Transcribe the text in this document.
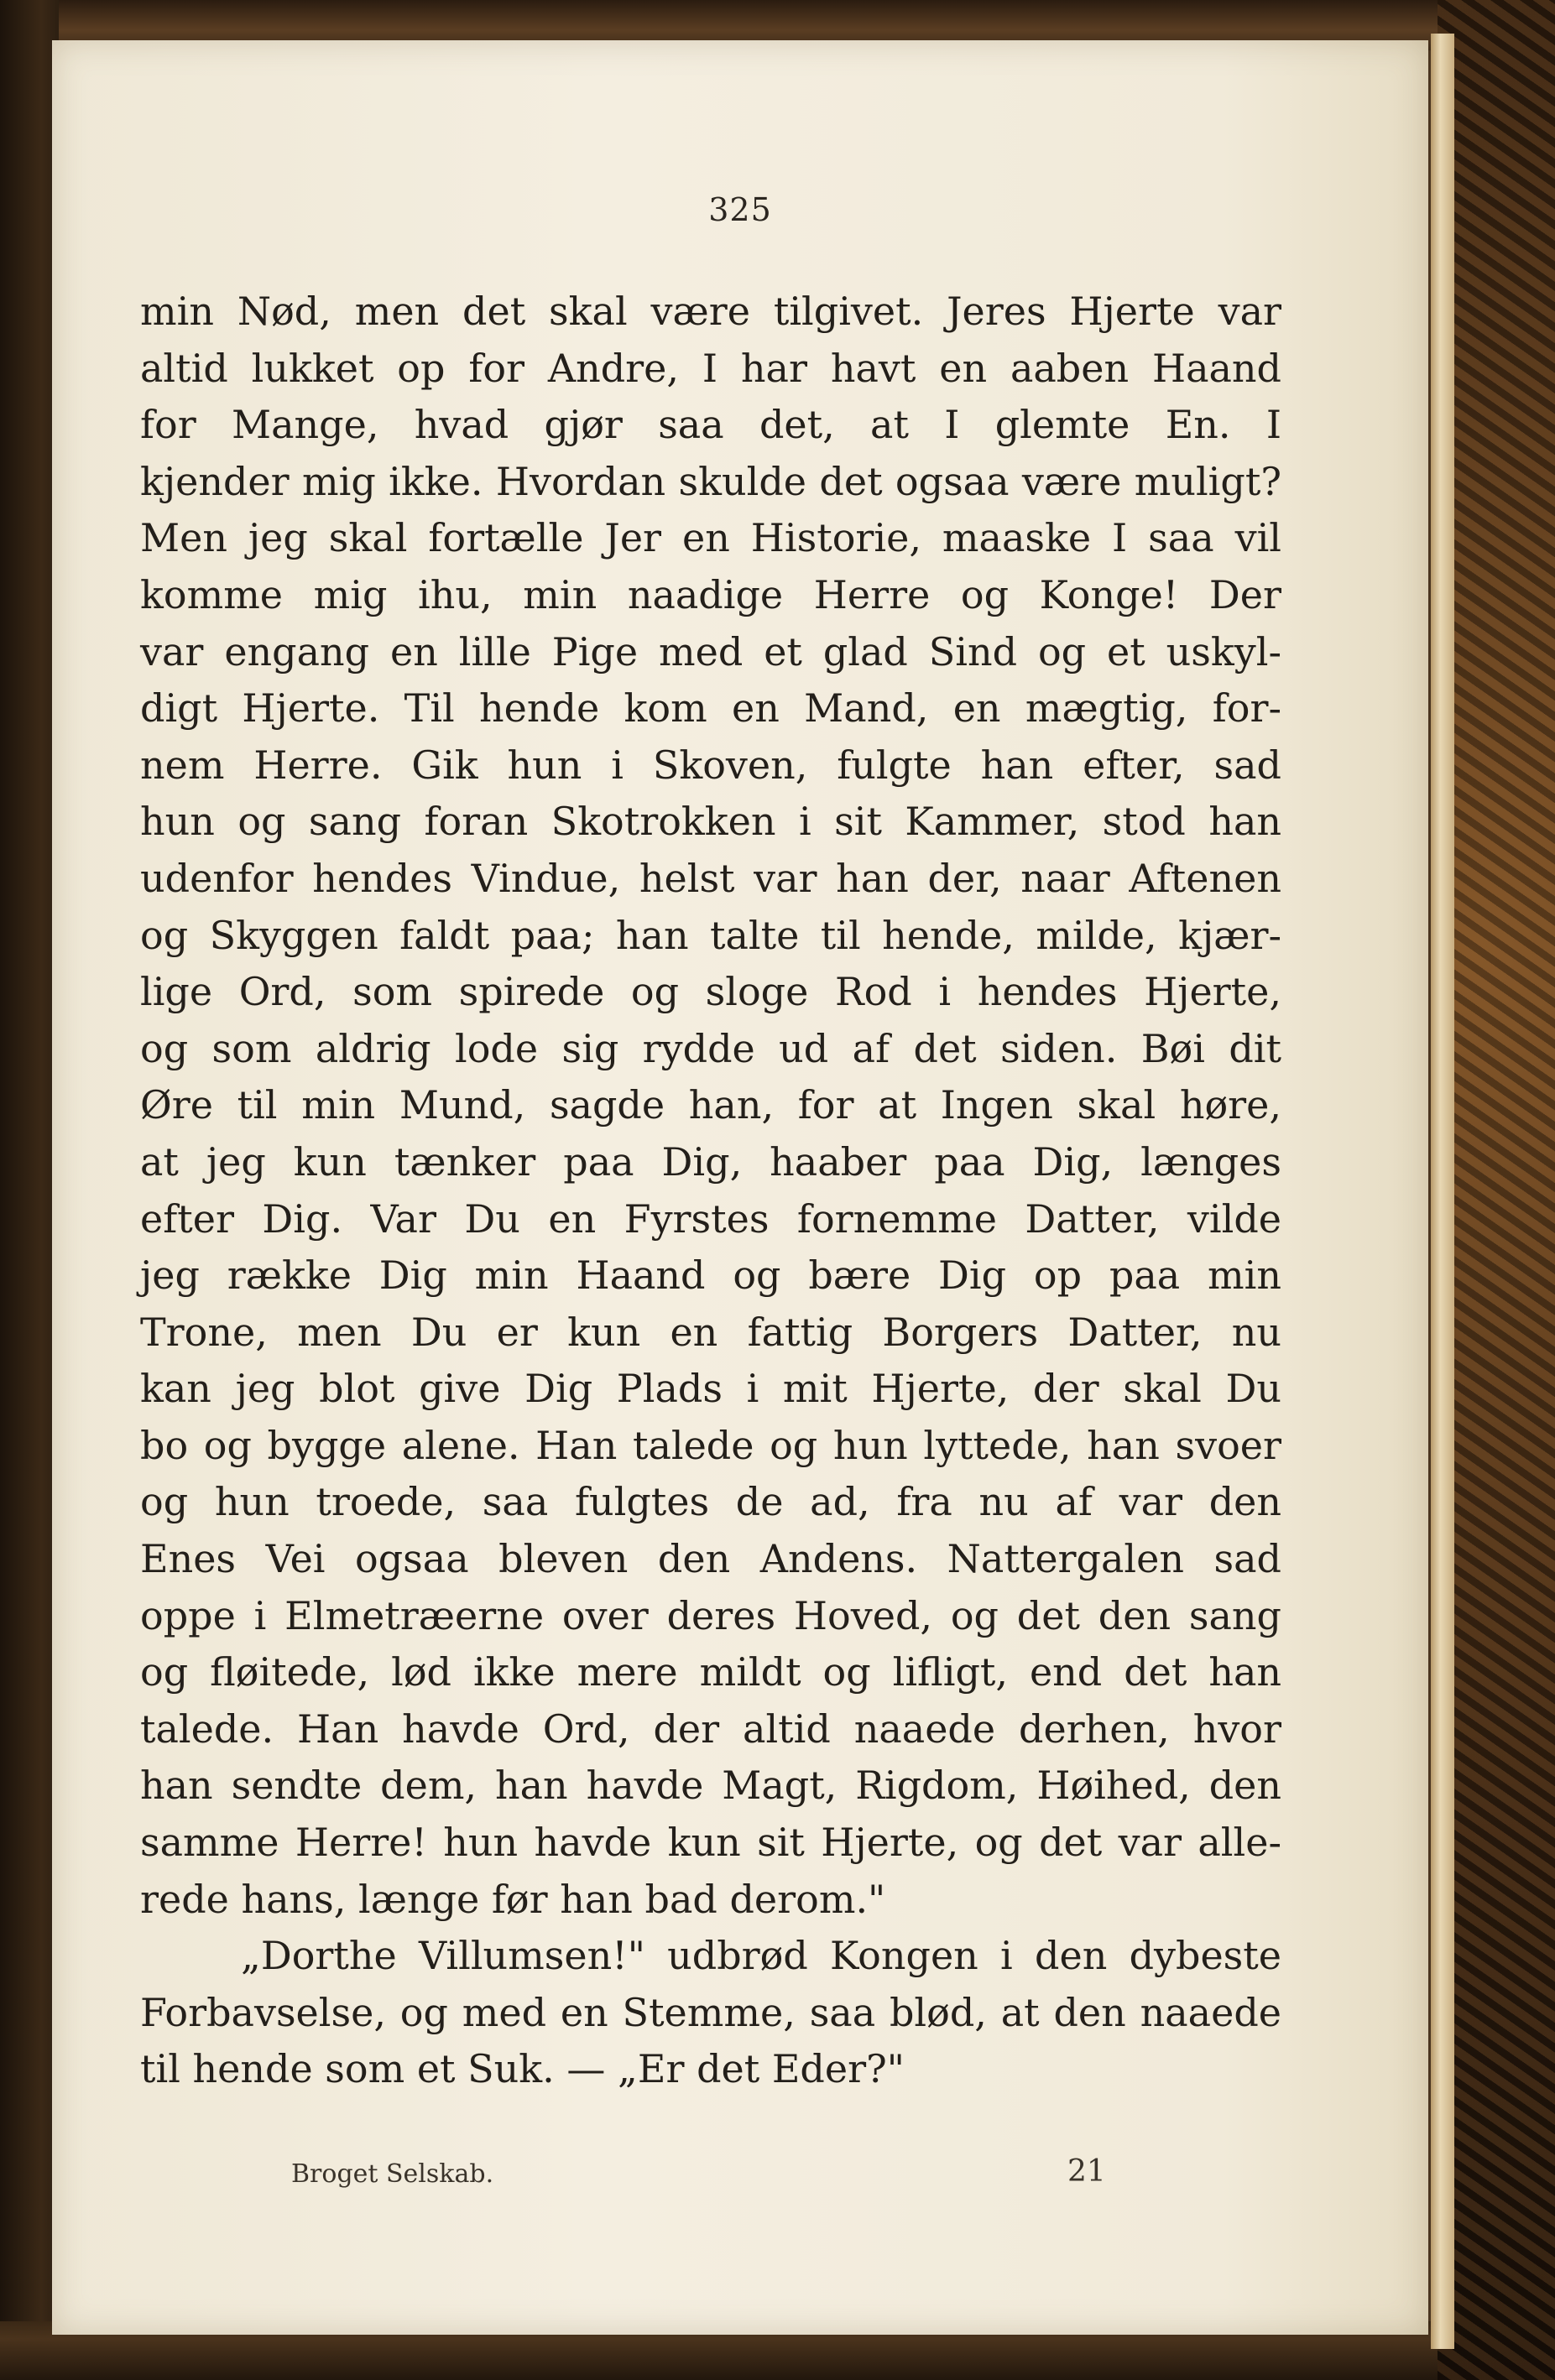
325
min Nød, men det skal være tilgivet. Jeres Hjerte var
altid lukket op for Andre, I har havt en aaben Haand
for Mange, hvad gjør saa det, at I glemte En. I
kjender mig ikke. Hvordan skulde det ogsaa være muligt?
Men jeg skal fortælle Jer en Historie, maaske I saa vil
komme mig ihu, min naadige Herre og Konge! Der
var engang en lille Pige med et glad Sind og et uskyl-
digt Hjerte. Til hende kom en Mand, en mægtig, for-
nem Herre. Gik hun i Skoven, fulgte han efter, sad
hun og sang foran Skotrokken i sit Kammer, stod han
udenfor hendes Vindue, helst var han der, naar Aftenen
og Skyggen faldt paa; han talte til hende, milde, kjær-
lige Ord, som spirede og sloge Rod i hendes Hjerte,
og som aldrig lode sig rydde ud af det siden. Bøi dit
Øre til min Mund, sagde han, for at Ingen skal høre,
at jeg kun tænker paa Dig, haaber paa Dig, længes
efter Dig. Var Du en Fyrstes fornemme Datter, vilde
jeg række Dig min Haand og bære Dig op paa min
Trone, men Du er kun en fattig Borgers Datter, nu
kan jeg blot give Dig Plads i mit Hjerte, der skal Du
bo og bygge alene. Han talede og hun lyttede, han svoer
og hun troede, saa fulgtes de ad, fra nu af var den
Enes Vei ogsaa bleven den Andens. Nattergalen sad
oppe i Elmetræerne over deres Hoved, og det den sang
og fløitede, lød ikke mere mildt og lifligt, end det han
talede. Han havde Ord, der altid naaede derhen, hvor
han sendte dem, han havde Magt, Rigdom, Høihed, den
samme Herre! hun havde kun sit Hjerte, og det var alle-
rede hans, længe før han bad derom."
„Dorthe Villumsen!" udbrød Kongen i den dybeste
Forbavselse, og med en Stemme, saa blød, at den naaede
til hende som et Suk. — „Er det Eder?"
Broget Selskab.	21
